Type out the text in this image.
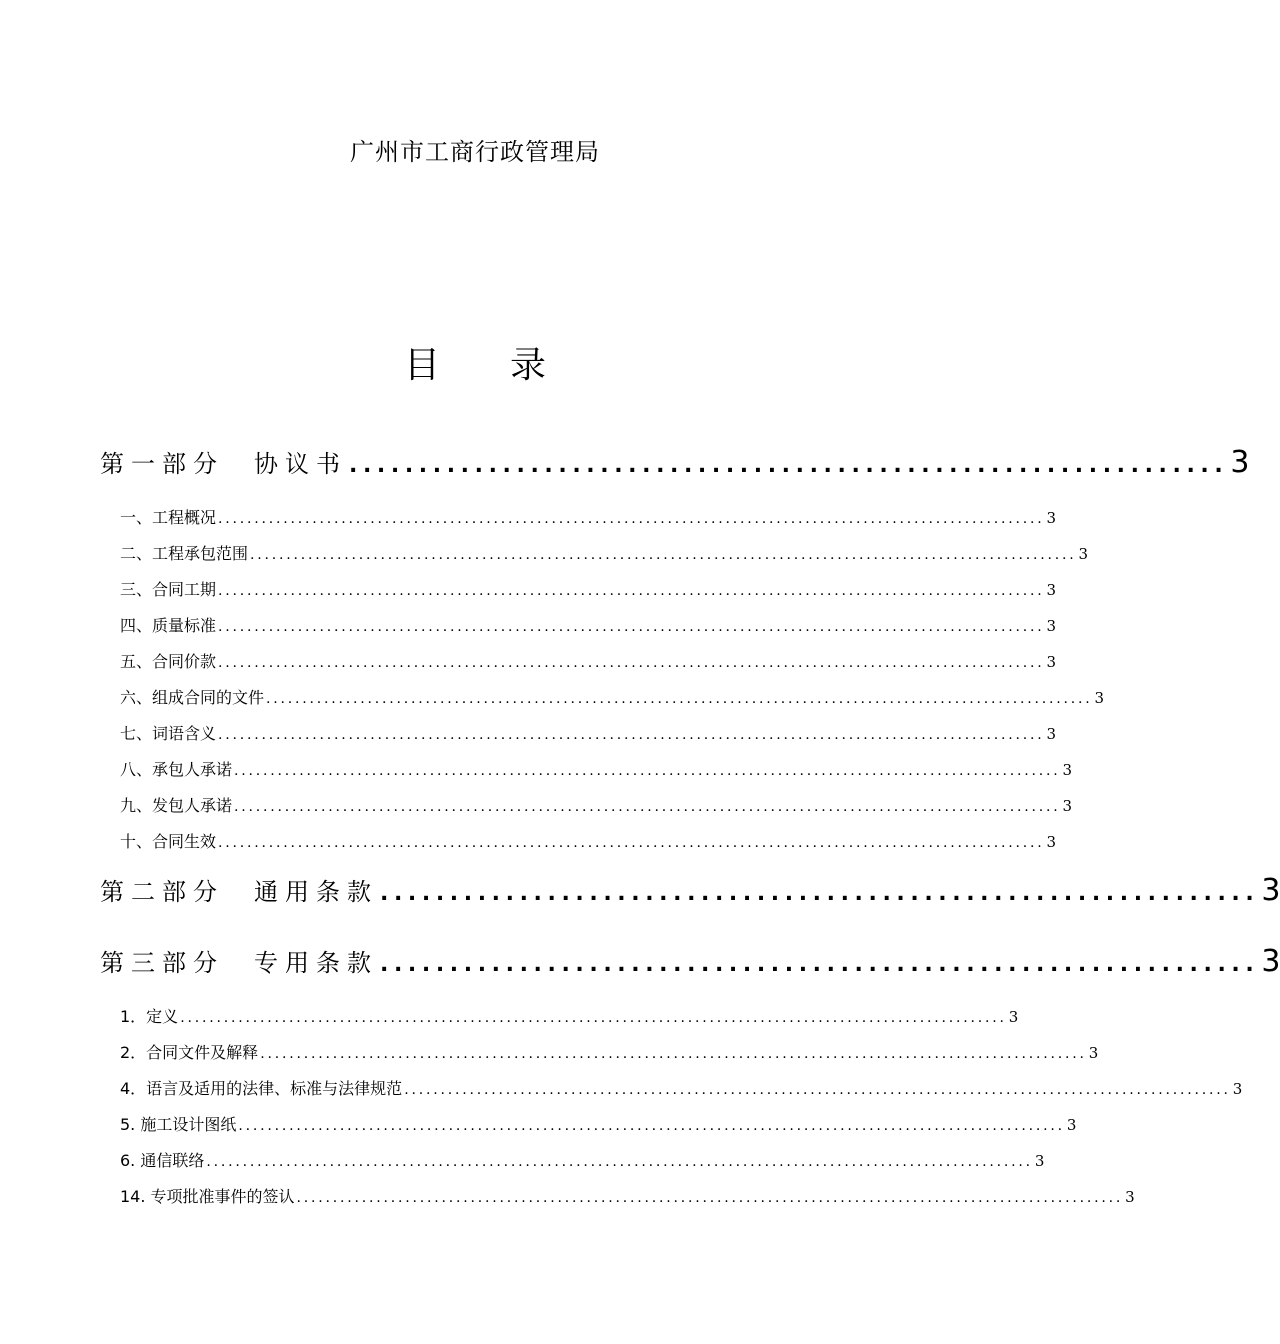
广州市工商行政管理局
目 录
第一部分 协议书 ............................................................... 3
一、工程概况 .................................................................................................................. 3
二、工程承包范围 .................................................................................................................. 3
三、合同工期 .................................................................................................................. 3
四、质量标准 .................................................................................................................. 3
五、合同价款 .................................................................................................................. 3
六、组成合同的文件 .................................................................................................................. 3
七、词语含义 .................................................................................................................. 3
八、承包人承诺 .................................................................................................................. 3
九、发包人承诺 .................................................................................................................. 3
十、合同生效 .................................................................................................................. 3
第二部分 通用条款 ............................................................... 3
第三部分 专用条款 ............................................................... 3
1．定义 .................................................................................................................. 3
2．合同文件及解释 .................................................................................................................. 3
4．语言及适用的法律、标准与法律规范 .................................................................................................................. 3
5. 施工设计图纸 .................................................................................................................. 3
6. 通信联络 .................................................................................................................. 3
14. 专项批准事件的签认 .................................................................................................................. 3
